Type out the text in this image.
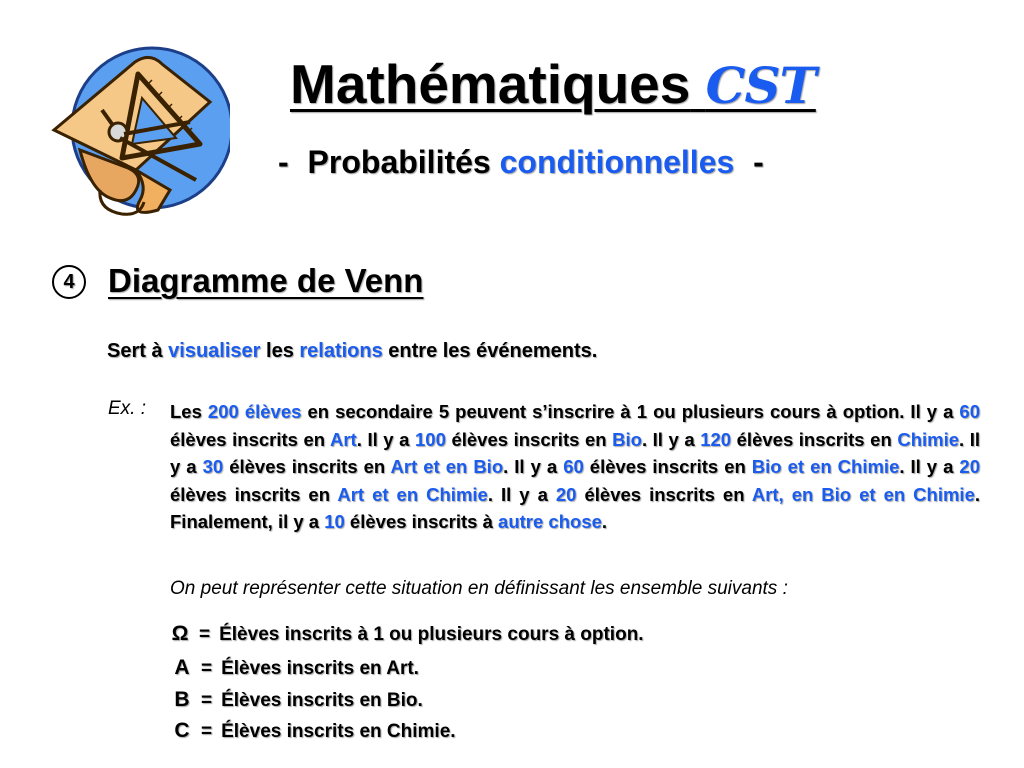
Mathématiques CST
- Probabilités conditionnelles -
4 Diagramme de Venn
Sert à visualiser les relations entre les événements.
Ex. : Les 200 élèves en secondaire 5 peuvent s’inscrire à 1 ou plusieurs cours à option. Il y a 60 élèves inscrits en Art. Il y a 100 élèves inscrits en Bio. Il y a 120 élèves inscrits en Chimie. Il y a 30 élèves inscrits en Art et en Bio. Il y a 60 élèves inscrits en Bio et en Chimie. Il y a 20 élèves inscrits en Art et en Chimie. Il y a 20 élèves inscrits en Art, en Bio et en Chimie. Finalement, il y a 10 élèves inscrits à autre chose.
On peut représenter cette situation en définissant les ensemble suivants :
Ω = Élèves inscrits à 1 ou plusieurs cours à option.
A = Élèves inscrits en Art.
B = Élèves inscrits en Bio.
C = Élèves inscrits en Chimie.
